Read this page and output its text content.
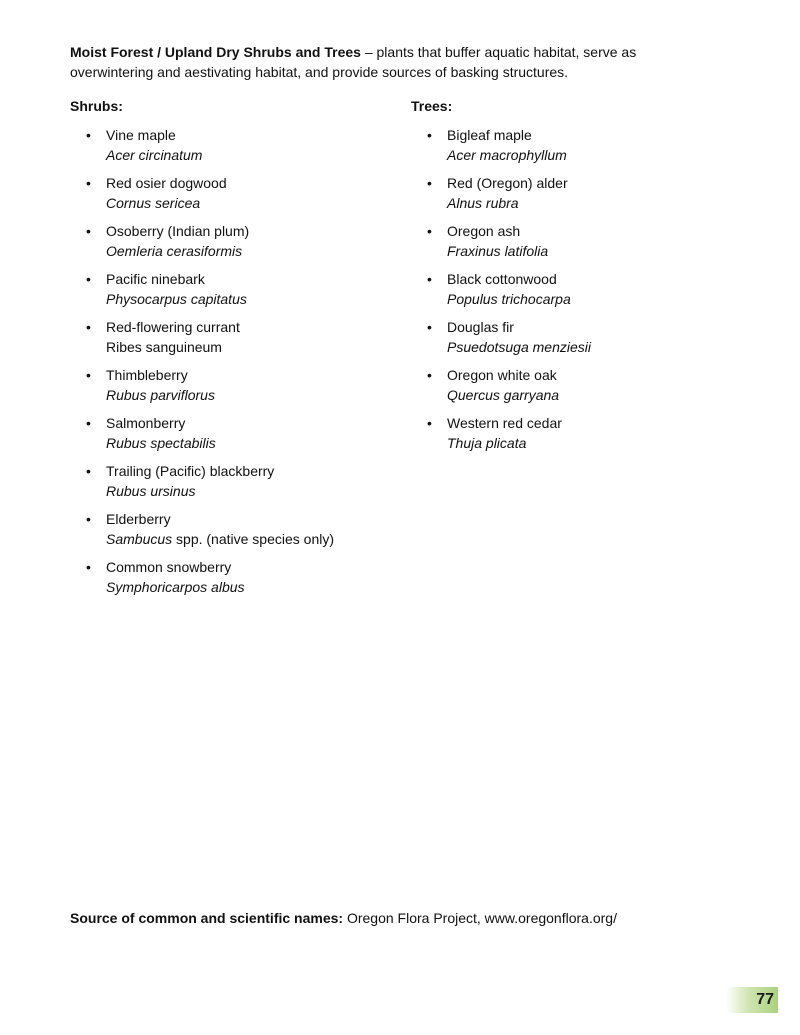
Moist Forest / Upland Dry Shrubs and Trees – plants that buffer aquatic habitat, serve as overwintering and aestivating habitat, and provide sources of basking structures.

Shrubs:

• Vine maple
Acer circinatum
• Red osier dogwood
Cornus sericea
• Osoberry (Indian plum)
Oemleria cerasiformis
• Pacific ninebark
Physocarpus capitatus
• Red-flowering currant
Ribes sanguineum
• Thimbleberry
Rubus parviflorus
• Salmonberry
Rubus spectabilis
• Trailing (Pacific) blackberry
Rubus ursinus
• Elderberry
Sambucus spp. (native species only)
• Common snowberry
Symphoricarpos albus

Trees:

• Bigleaf maple
Acer macrophyllum
• Red (Oregon) alder
Alnus rubra
• Oregon ash
Fraxinus latifolia
• Black cottonwood
Populus trichocarpa
• Douglas fir
Psuedotsuga menziesii
• Oregon white oak
Quercus garryana
• Western red cedar
Thuja plicata

Source of common and scientific names: Oregon Flora Project, www.oregonflora.org/

77
